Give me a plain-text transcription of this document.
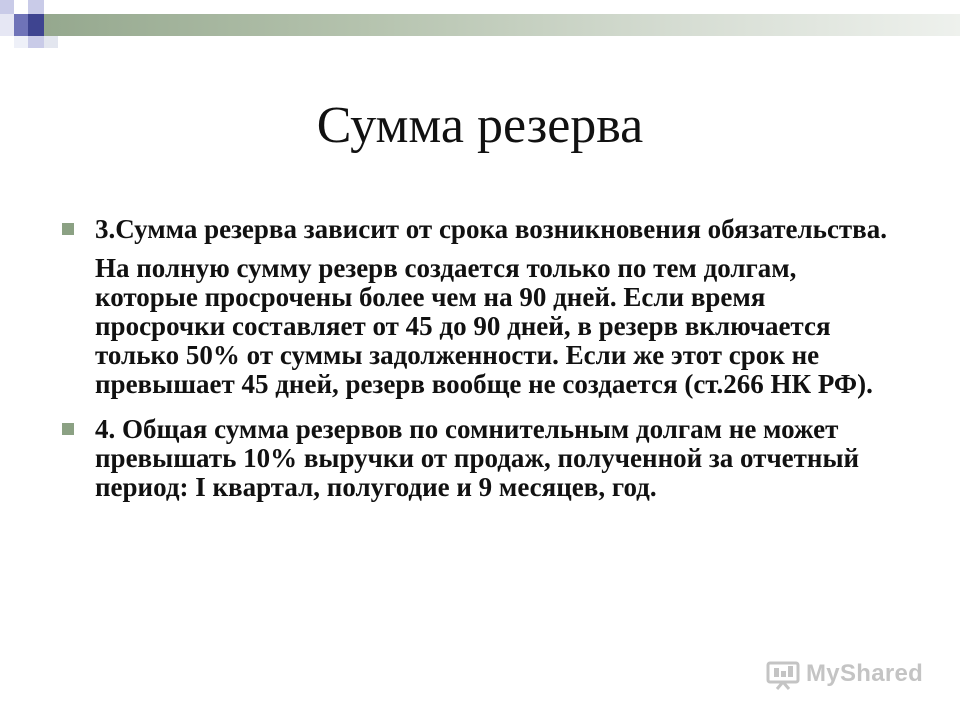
Сумма резерва

3.Сумма резерва зависит от срока возникновения обязательства.

На полную сумму резерв создается только по тем долгам, которые просрочены более чем на 90 дней. Если время просрочки составляет от 45 до 90 дней, в резерв включается только 50% от суммы задолженности. Если же этот срок не превышает 45 дней, резерв вообще не создается (ст.266 НК РФ).

4. Общая сумма резервов по сомнительным долгам не может превышать 10% выручки от продаж, полученной за отчетный период: I квартал, полугодие и 9 месяцев, год.

MyShared
